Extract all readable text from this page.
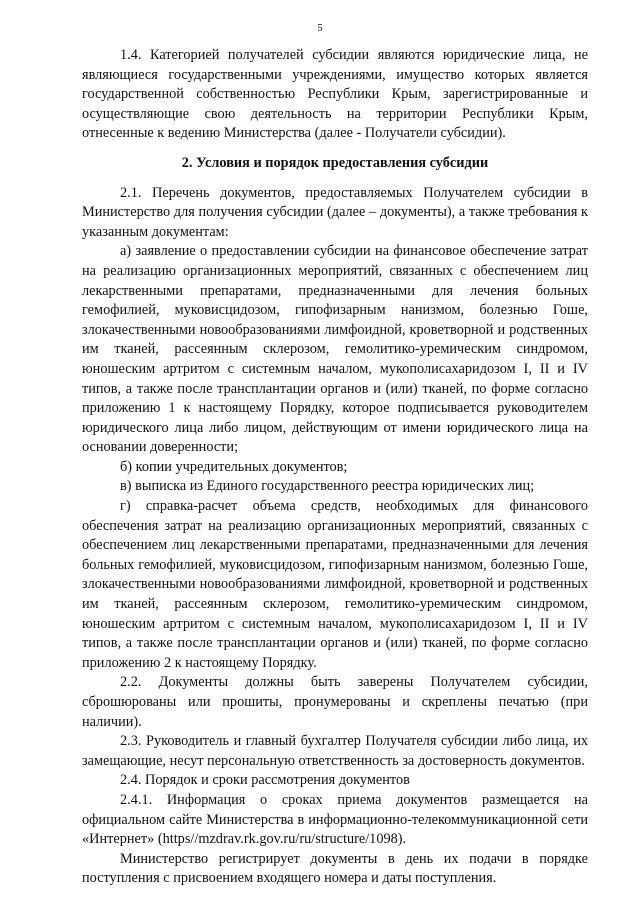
5

1.4. Категорией получателей субсидии являются юридические лица, не являющиеся государственными учреждениями, имущество которых является государственной собственностью Республики Крым, зарегистрированные и осуществляющие свою деятельность на территории Республики Крым, отнесенные к ведению Министерства (далее - Получатели субсидии).

2. Условия и порядок предоставления субсидии

2.1. Перечень документов, предоставляемых Получателем субсидии в Министерство для получения субсидии (далее – документы), а также требования к указанным документам:

а) заявление о предоставлении субсидии на финансовое обеспечение затрат на реализацию организационных мероприятий, связанных с обеспечением лиц лекарственными препаратами, предназначенными для лечения больных гемофилией, муковисцидозом, гипофизарным нанизмом, болезнью Гоше, злокачественными новообразованиями лимфоидной, кроветворной и родственных им тканей, рассеянным склерозом, гемолитико-уремическим синдромом, юношеским артритом с системным началом, мукополисахаридозом I, II и IV типов, а также после трансплантации органов и (или) тканей, по форме согласно приложению 1 к настоящему Порядку, которое подписывается руководителем юридического лица либо лицом, действующим от имени юридического лица на основании доверенности;

б) копии учредительных документов;

в) выписка из Единого государственного реестра юридических лиц;

г) справка-расчет объема средств, необходимых для финансового обеспечения затрат на реализацию организационных мероприятий, связанных с обеспечением лиц лекарственными препаратами, предназначенными для лечения больных гемофилией, муковисцидозом, гипофизарным нанизмом, болезнью Гоше, злокачественными новообразованиями лимфоидной, кроветворной и родственных им тканей, рассеянным склерозом, гемолитико-уремическим синдромом, юношеским артритом с системным началом, мукополисахаридозом I, II и IV типов, а также после трансплантации органов и (или) тканей, по форме согласно приложению 2 к настоящему Порядку.

2.2. Документы должны быть заверены Получателем субсидии, сброшюрованы или прошиты, пронумерованы и скреплены печатью (при наличии).

2.3. Руководитель и главный бухгалтер Получателя субсидии либо лица, их замещающие, несут персональную ответственность за достоверность документов.

2.4. Порядок и сроки рассмотрения документов

2.4.1. Информация о сроках приема документов размещается на официальном сайте Министерства в информационно-телекоммуникационной сети «Интернет» (https//mzdrav.rk.gov.ru/ru/structure/1098).

Министерство регистрирует документы в день их подачи в порядке поступления с присвоением входящего номера и даты поступления.
